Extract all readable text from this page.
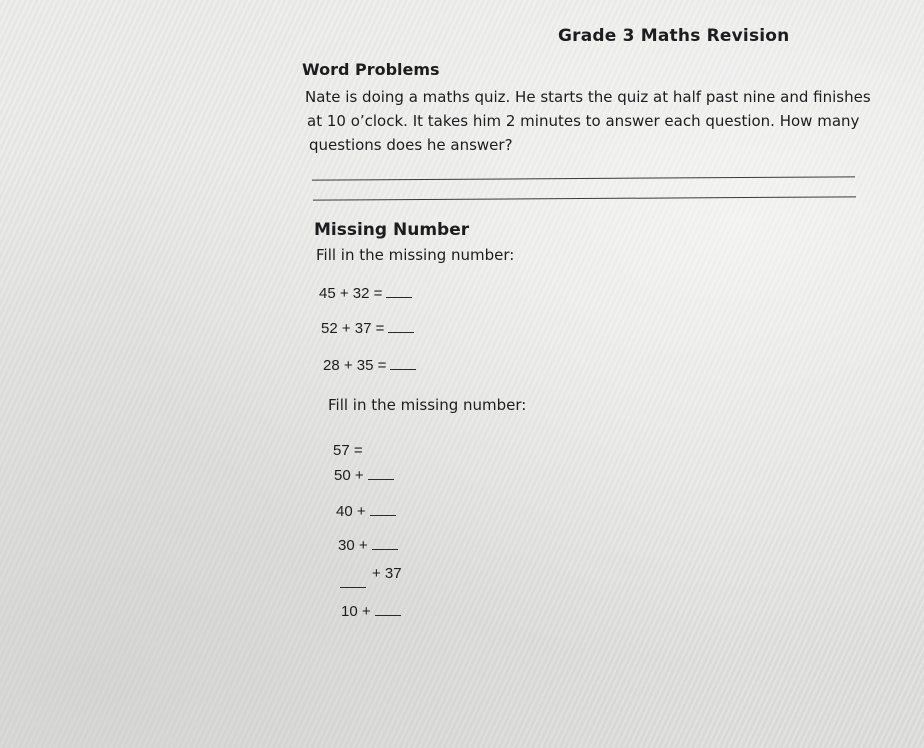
Grade 3 Maths Revision
Word Problems
Nate is doing a maths quiz. He starts the quiz at half past nine and finishes
at 10 o’clock. It takes him 2 minutes to answer each question. How many
questions does he answer?
Missing Number
Fill in the missing number:
45 + 32 =
52 + 37 =
28 + 35 =
Fill in the missing number:
57 =
50 +
40 +
30 +
+ 37
10 +
